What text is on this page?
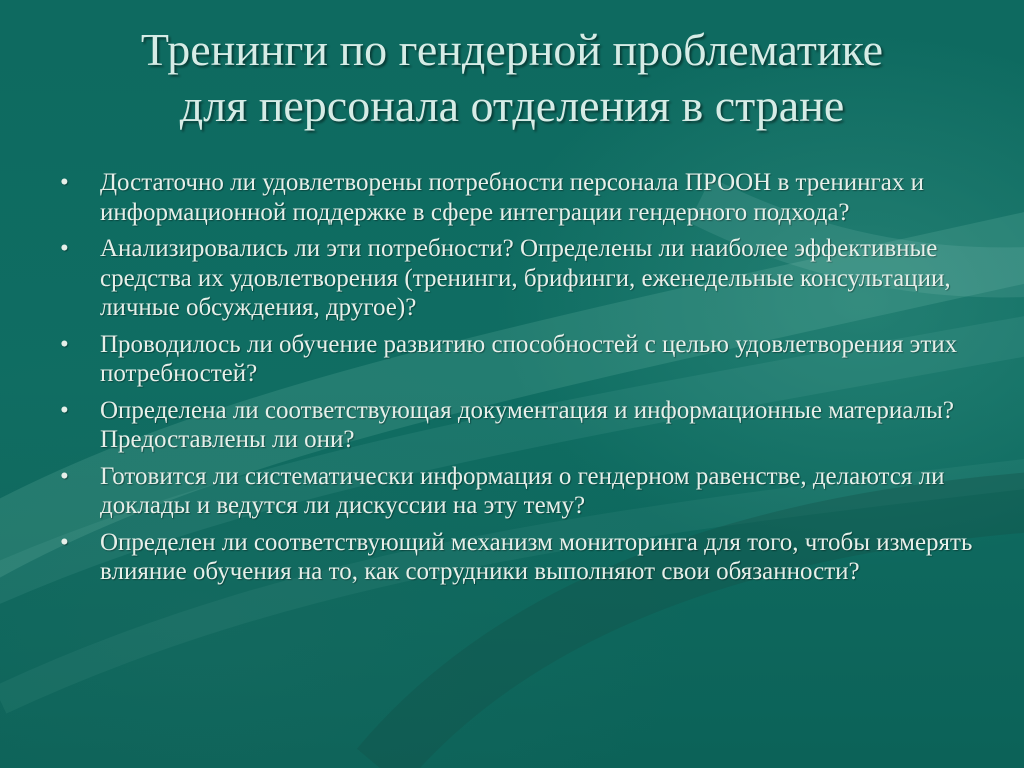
Тренинги по гендерной проблематике
для персонала отделения в стране
•	Достаточно ли удовлетворены потребности персонала ПРООН в тренингах и информационной поддержке в сфере интеграции гендерного подхода?
•	Анализировались ли эти потребности? Определены ли наиболее эффективные средства их удовлетворения (тренинги, брифинги, еженедельные консультации, личные обсуждения, другое)?
•	Проводилось ли обучение развитию способностей с целью удовлетворения этих потребностей?
•	Определена ли соответствующая документация и информационные материалы? Предоставлены ли они?
•	Готовится ли систематически информация о гендерном равенстве, делаются ли доклады и ведутся ли дискуссии на эту тему?
•	Определен ли соответствующий механизм мониторинга для того, чтобы измерять влияние обучения на то, как сотрудники выполняют свои обязанности?
